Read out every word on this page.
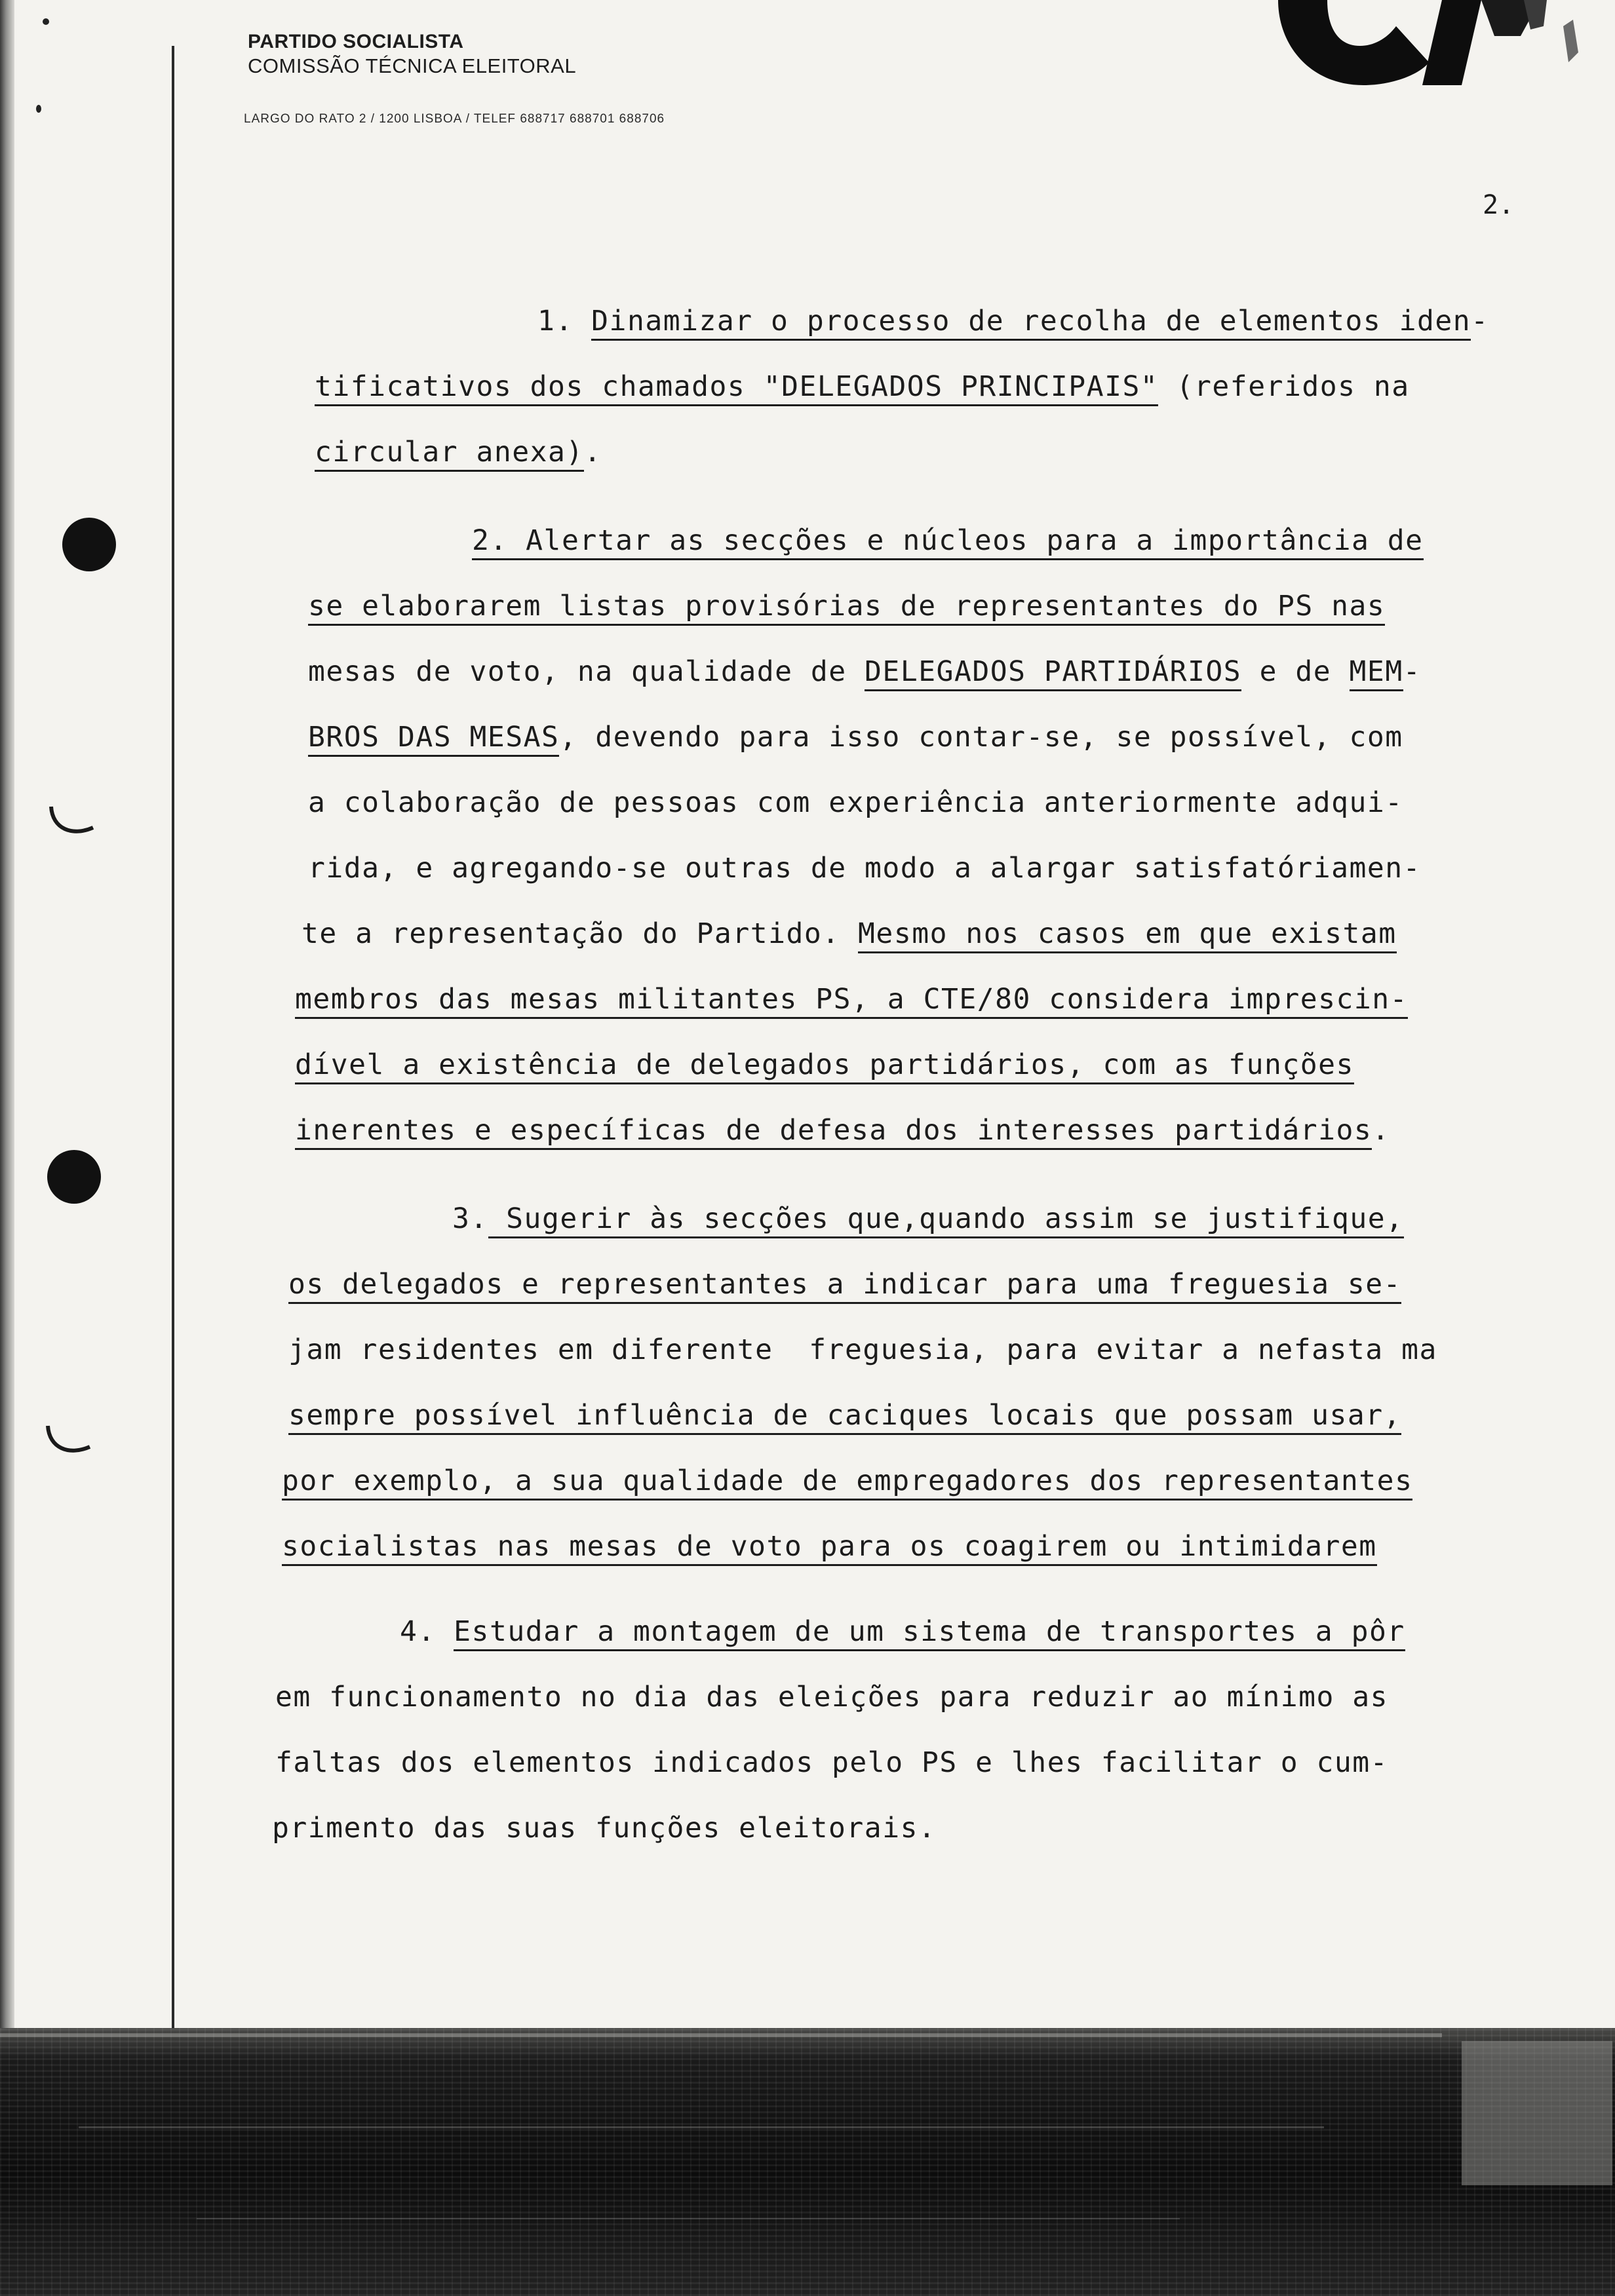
PARTIDO SOCIALISTA
COMISSÃO TÉCNICA ELEITORAL
LARGO DO RATO 2 / 1200 LISBOA / TELEF 688717 688701 688706
2.
1. Dinamizar o processo de recolha de elementos iden-
tificativos dos chamados "DELEGADOS PRINCIPAIS" (referidos na
circular anexa).
2. Alertar as secções e núcleos para a importância de
se elaborarem listas provisórias de representantes do PS nas
mesas de voto, na qualidade de DELEGADOS PARTIDÁRIOS e de MEM-
BROS DAS MESAS, devendo para isso contar-se, se possível, com
a colaboração de pessoas com experiência anteriormente adqui-
rida, e agregando-se outras de modo a alargar satisfatóriamen-
te a representação do Partido. Mesmo nos casos em que existam
membros das mesas militantes PS, a CTE/80 considera imprescin-
dível a existência de delegados partidários, com as funções
inerentes e específicas de defesa dos interesses partidários.
3. Sugerir às secções que,quando assim se justifique,
os delegados e representantes a indicar para uma freguesia se-
jam residentes em diferente  freguesia, para evitar a nefasta ma
sempre possível influência de caciques locais que possam usar,
por exemplo, a sua qualidade de empregadores dos representantes
socialistas nas mesas de voto para os coagirem ou intimidarem
4. Estudar a montagem de um sistema de transportes a pôr
em funcionamento no dia das eleições para reduzir ao mínimo as
faltas dos elementos indicados pelo PS e lhes facilitar o cum-
primento das suas funções eleitorais.
